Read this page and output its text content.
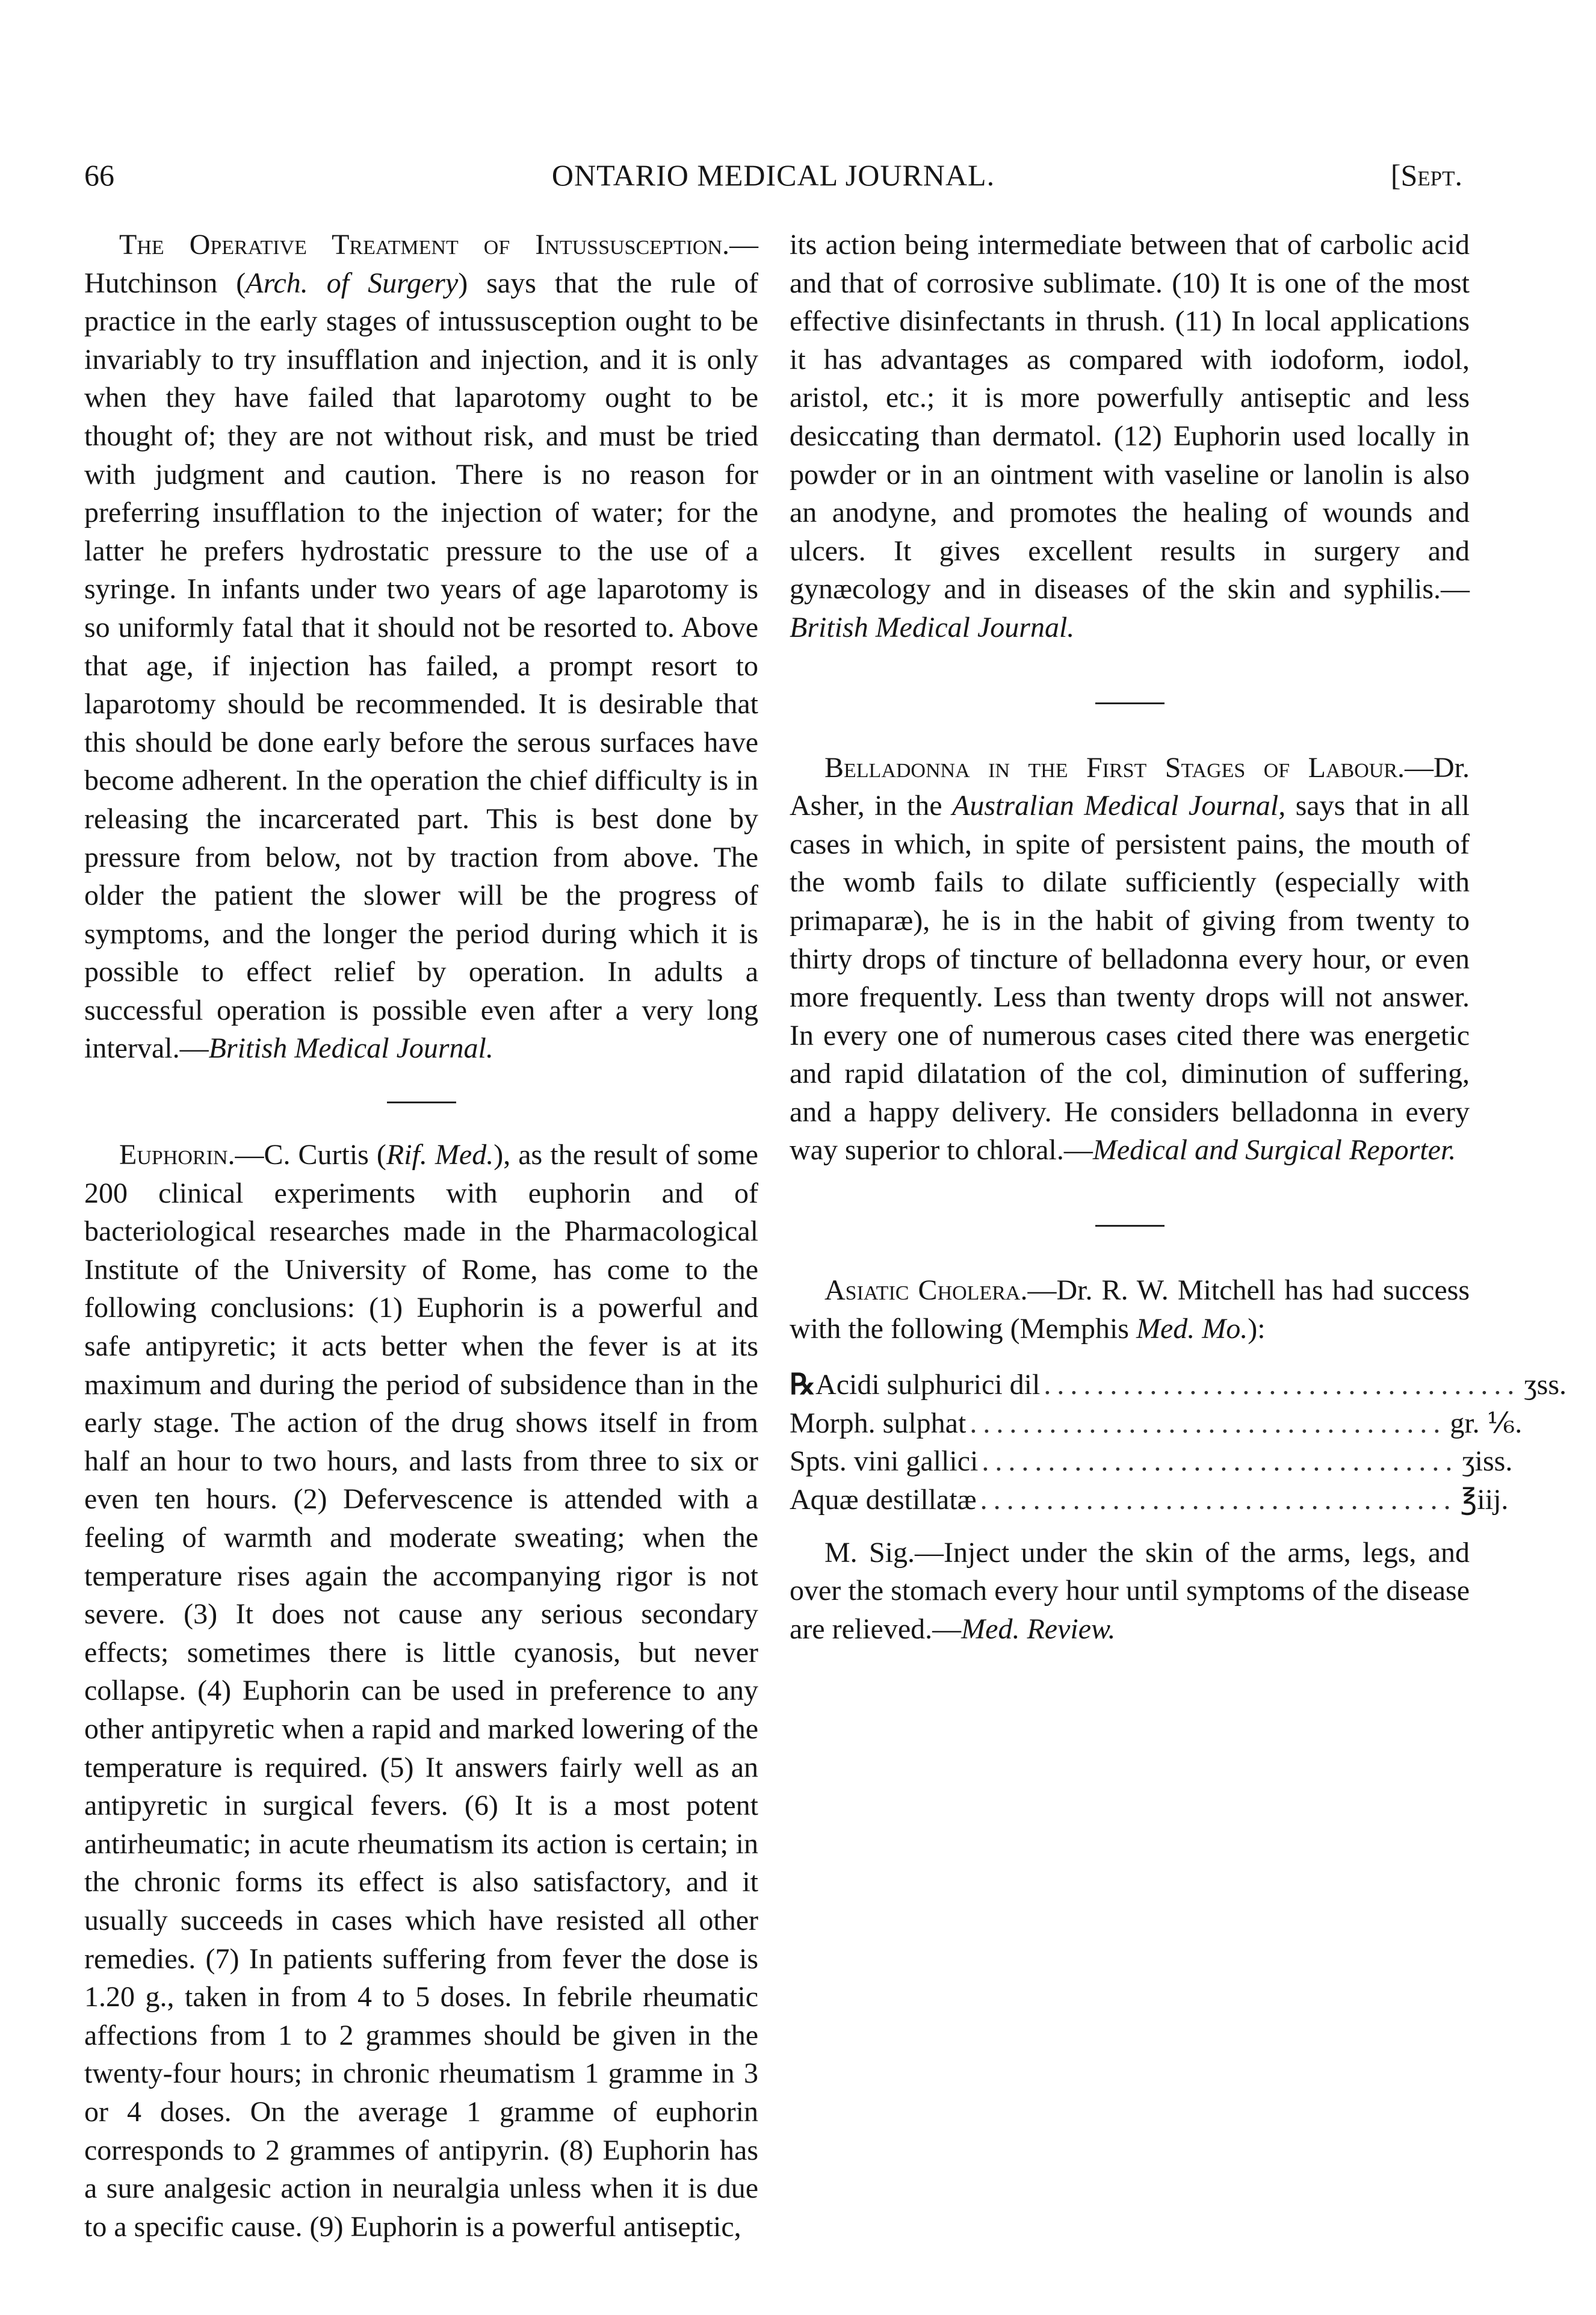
66	ONTARIO MEDICAL JOURNAL.	[Sept.

The Operative Treatment of Intussusception.—Hutchinson (Arch. of Surgery) says that the rule of practice in the early stages of intussusception ought to be invariably to try insufflation and injection, and it is only when they have failed that laparotomy ought to be thought of; they are not without risk, and must be tried with judgment and caution. There is no reason for preferring insufflation to the injection of water; for the latter he prefers hydrostatic pressure to the use of a syringe. In infants under two years of age laparotomy is so uniformly fatal that it should not be resorted to. Above that age, if injection has failed, a prompt resort to laparotomy should be recommended. It is desirable that this should be done early before the serous surfaces have become adherent. In the operation the chief difficulty is in releasing the incarcerated part. This is best done by pressure from below, not by traction from above. The older the patient the slower will be the progress of symptoms, and the longer the period during which it is possible to effect relief by operation. In adults a successful operation is possible even after a very long interval.—British Medical Journal.

Euphorin.—C. Curtis (Rif. Med.), as the result of some 200 clinical experiments with euphorin and of bacteriological researches made in the Pharmacological Institute of the University of Rome, has come to the following conclusions: (1) Euphorin is a powerful and safe antipyretic; it acts better when the fever is at its maximum and during the period of subsidence than in the early stage. The action of the drug shows itself in from half an hour to two hours, and lasts from three to six or even ten hours. (2) Defervescence is attended with a feeling of warmth and moderate sweating; when the temperature rises again the accompanying rigor is not severe. (3) It does not cause any serious secondary effects; sometimes there is little cyanosis, but never collapse. (4) Euphorin can be used in preference to any other antipyretic when a rapid and marked lowering of the temperature is required. (5) It answers fairly well as an antipyretic in surgical fevers. (6) It is a most potent antirheumatic; in acute rheumatism its action is certain; in the chronic forms its effect is also satisfactory, and it usually succeeds in cases which have resisted all other remedies. (7) In patients suffering from fever the dose is 1.20 g., taken in from 4 to 5 doses. In febrile rheumatic affections from 1 to 2 grammes should be given in the twenty-four hours; in chronic rheumatism 1 gramme in 3 or 4 doses. On the average 1 gramme of euphorin corresponds to 2 grammes of antipyrin. (8) Euphorin has a sure analgesic action in neuralgia unless when it is due to a specific cause. (9) Euphorin is a powerful antiseptic,

its action being intermediate between that of carbolic acid and that of corrosive sublimate. (10) It is one of the most effective disinfectants in thrush. (11) In local applications it has advantages as compared with iodoform, iodol, aristol, etc.; it is more powerfully antiseptic and less desiccating than dermatol. (12) Euphorin used locally in powder or in an ointment with vaseline or lanolin is also an anodyne, and promotes the healing of wounds and ulcers. It gives excellent results in surgery and gynæcology and in diseases of the skin and syphilis.—British Medical Journal.

Belladonna in the First Stages of Labour.—Dr. Asher, in the Australian Medical Journal, says that in all cases in which, in spite of persistent pains, the mouth of the womb fails to dilate sufficiently (especially with primaparæ), he is in the habit of giving from twenty to thirty drops of tincture of belladonna every hour, or even more frequently. Less than twenty drops will not answer. In every one of numerous cases cited there was energetic and rapid dilatation of the col, diminution of suffering, and a happy delivery. He considers belladonna in every way superior to chloral.—Medical and Surgical Reporter.

Asiatic Cholera.—Dr. R. W. Mitchell has had success with the following (Memphis Med. Mo.):

℞ Acidi sulphurici dil .................................... ʒss.
Morph. sulphat .................................... gr. ⅙.
Spts. vini gallici .................................... ʒiss.
Aquæ destillatæ .................................... ℥iij.

M. Sig.—Inject under the skin of the arms, legs, and over the stomach every hour until symptoms of the disease are relieved.—Med. Review.
